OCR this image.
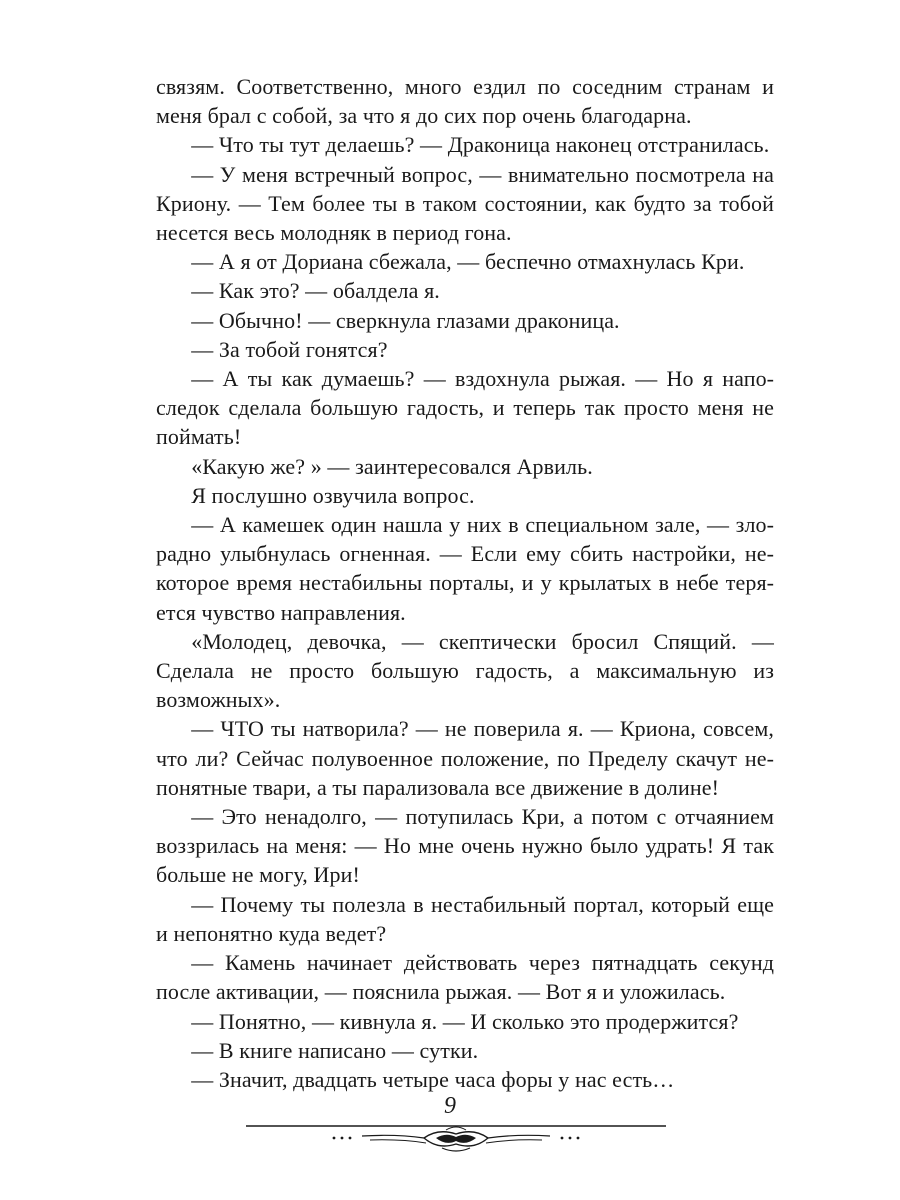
связям. Соответственно, много ездил по соседним странам и меня брал с собой, за что я до сих пор очень благодарна.

— Что ты тут делаешь? — Драконица наконец отстранилась.

— У меня встречный вопрос, — внимательно посмотрела на Криону. — Тем более ты в таком состоянии, как будто за тобой несется весь молодняк в период гона.

— А я от Дориана сбежала, — беспечно отмахнулась Кри.

— Как это? — обалдела я.

— Обычно! — сверкнула глазами драконица.

— За тобой гонятся?

— А ты как думаешь? — вздохнула рыжая. — Но я напоследок сделала большую гадость, и теперь так просто меня не поймать!

«Какую же? » — заинтересовался Арвиль.

Я послушно озвучила вопрос.

— А камешек один нашла у них в специальном зале, — злорадно улыбнулась огненная. — Если ему сбить настройки, некоторое время нестабильны порталы, и у крылатых в небе теряется чувство направления.

«Молодец, девочка, — скептически бросил Спящий. — Сделала не просто большую гадость, а максимальную из возможных».

— ЧТО ты натворила? — не поверила я. — Криона, совсем, что ли? Сейчас полувоенное положение, по Пределу скачут непонятные твари, а ты парализовала все движение в долине!

— Это ненадолго, — потупилась Кри, а потом с отчаянием воззрилась на меня: — Но мне очень нужно было удрать! Я так больше не могу, Ири!

— Почему ты полезла в нестабильный портал, который еще и непонятно куда ведет?

— Камень начинает действовать через пятнадцать секунд после активации, — пояснила рыжая. — Вот я и уложилась.

— Понятно, — кивнула я. — И сколько это продержится?

— В книге написано — сутки.

— Значит, двадцать четыре часа форы у нас есть…

9
